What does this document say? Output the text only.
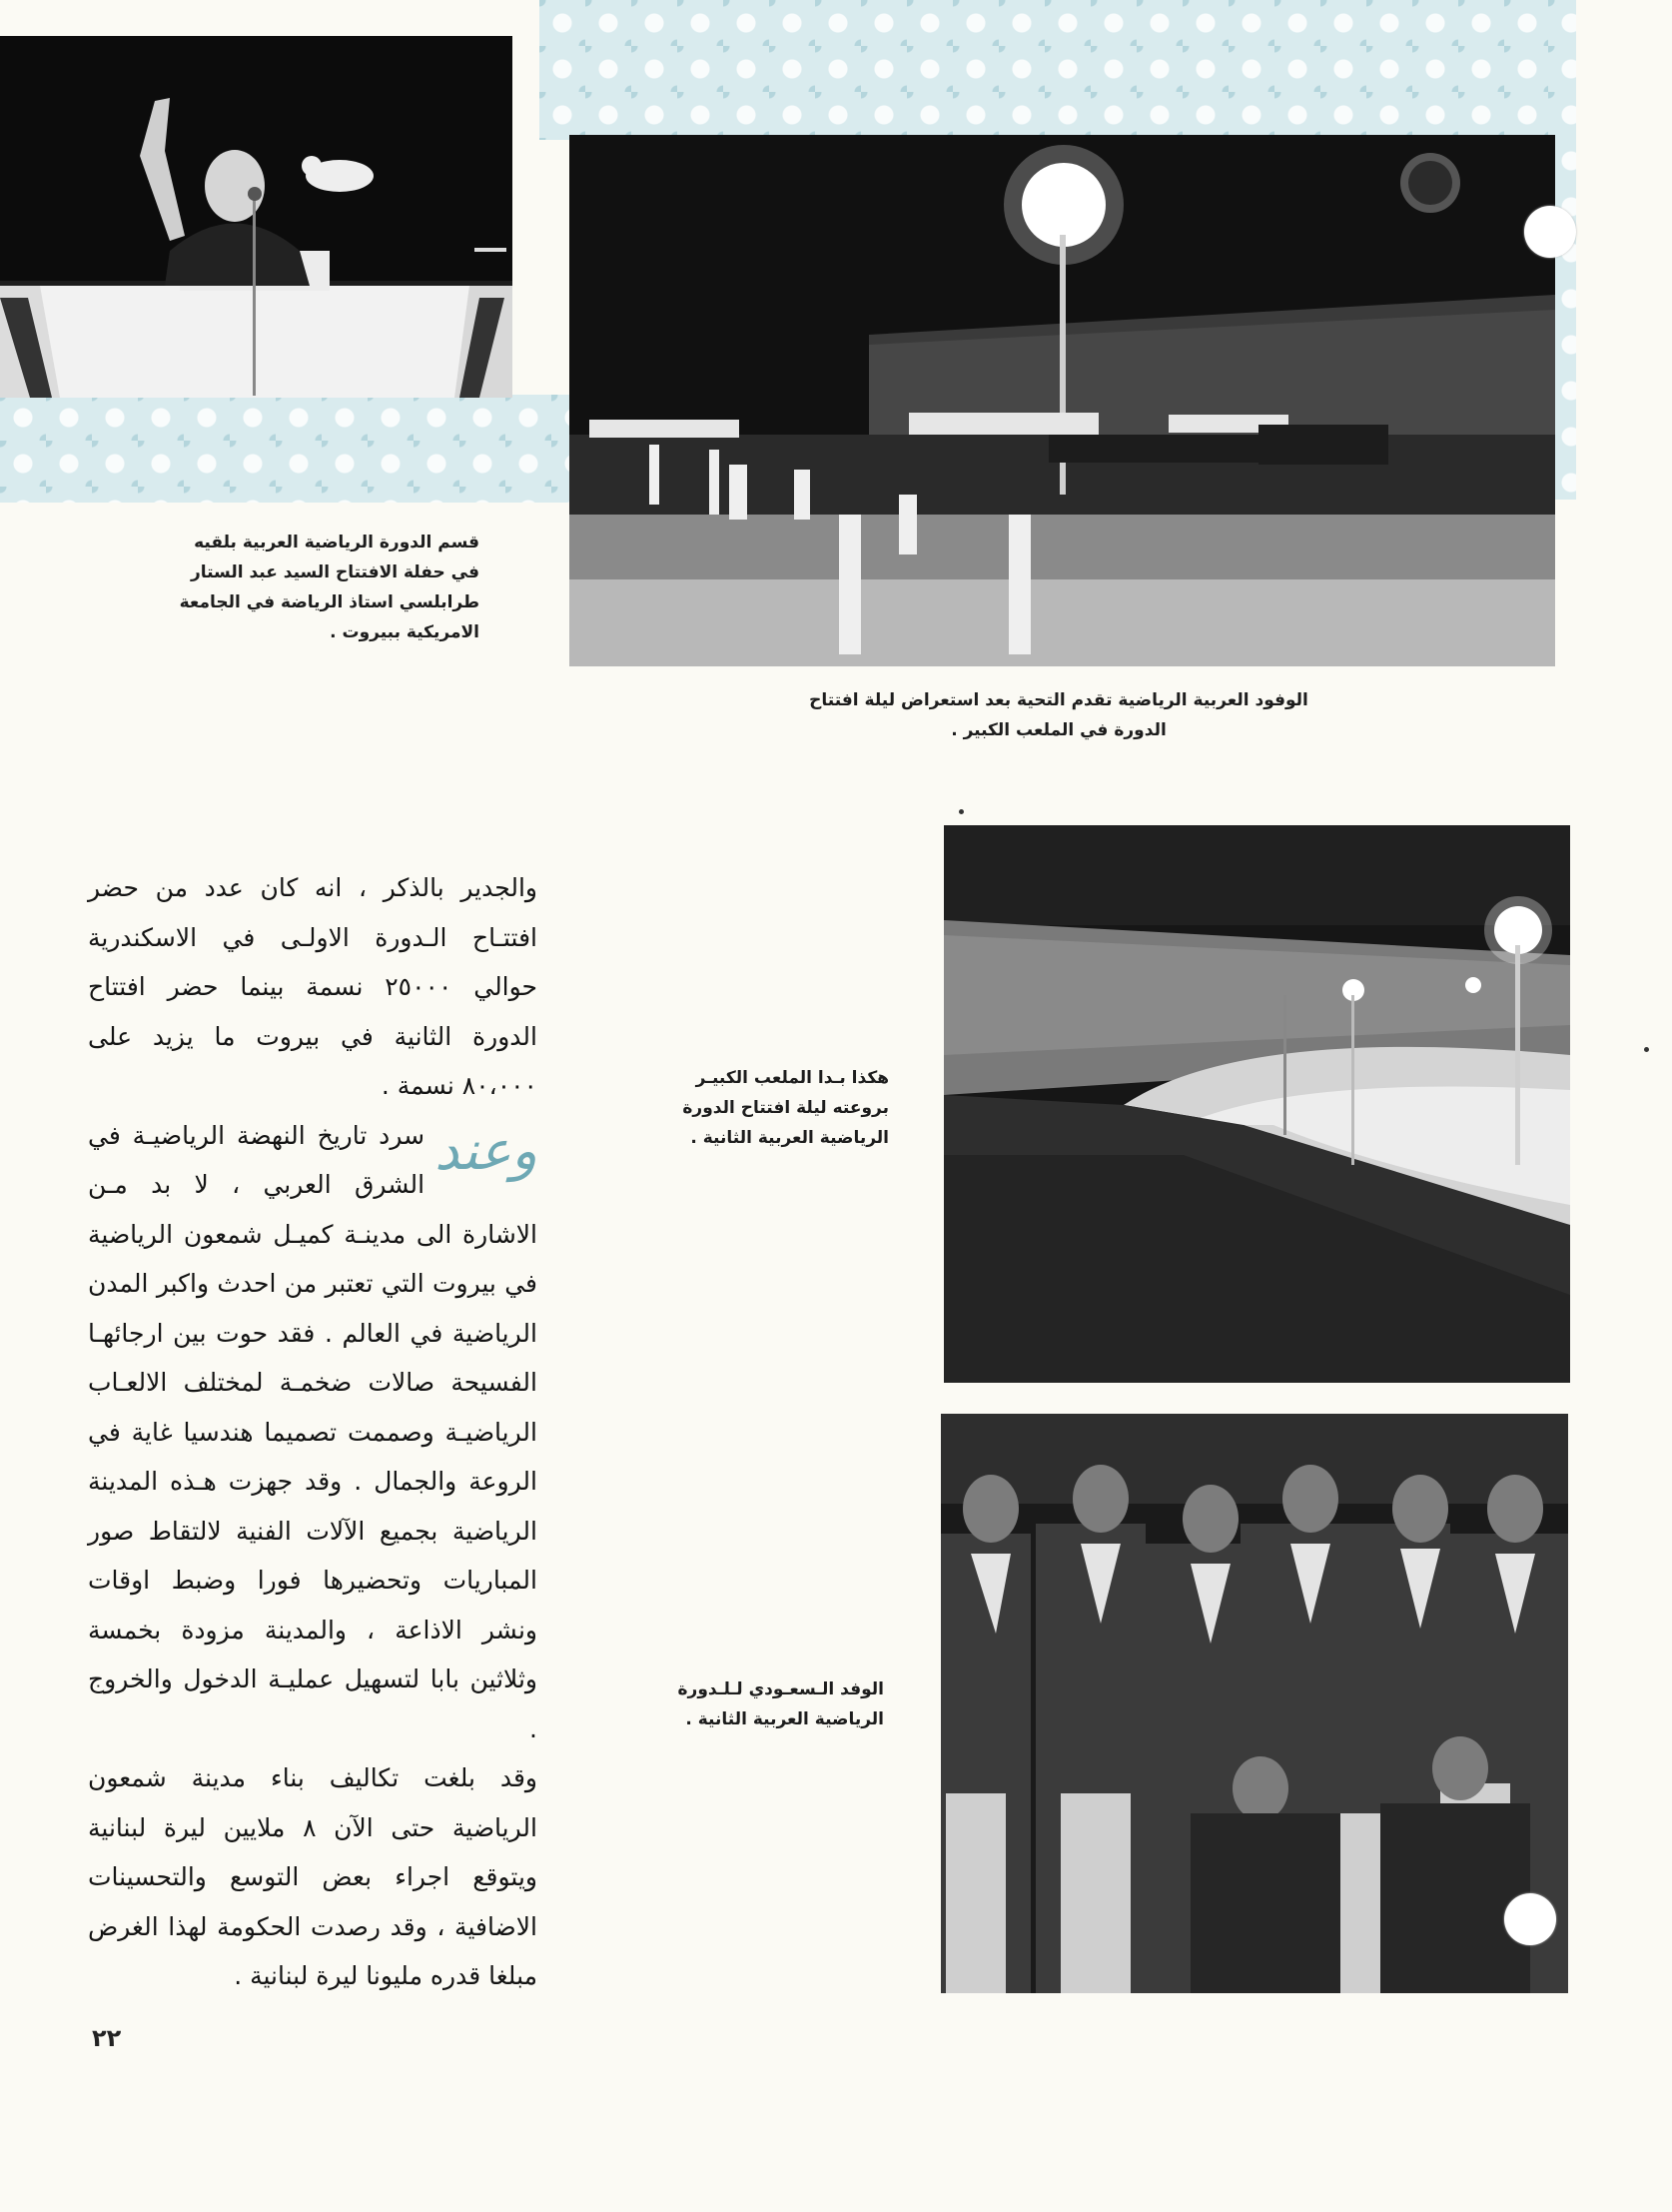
قسم الدورة الرياضية العربية بلقيه
في حفلة الافتتاح السيد عبد الستار
طرابلسي استاذ الرياضة في الجامعة
الامريكية ببيروت .
الوفود العربية الرياضية تقدم التحية بعد استعراض ليلة افتتاح
الدورة في الملعب الكبير .
هكذا بـدا الملعب الكبيـر
بروعته ليلة افتتاح الدورة
الرياضية العربية الثانية .
الوفد الـسعـودي لـلـدورة
الرياضية العربية الثانية .

والجدير بالذكر ، انه كان عدد من حضر افتتـاح الـدورة الاولـى في الاسكندرية حوالي ٢٥٠٠٠ نسمة بينما حضر افتتاح الدورة الثانية في بيروت ما يزيد على ٨٠،٠٠٠ نسمة .

وعند
سرد تاريخ النهضة الرياضيـة في الشرق العربي ، لا بد مـن الاشارة الى مدينـة كميـل شمعون الرياضية في بيروت التي تعتبر من احدث واكبر المدن الرياضية في العالم . فقد حوت بين ارجائهـا الفسيحة صالات ضخمـة لمختلف الالعـاب الرياضيـة وصممت تصميما هندسيا غاية في الروعة والجمال . وقد جهزت هـذه المدينة الرياضية بجميع الآلات الفنية لالتقاط صور المباريات وتحضيرها فورا وضبط اوقات ونشر الاذاعة ، والمدينة مزودة بخمسة وثلاثين بابا لتسهيل عمليـة الدخول والخروج .

وقد بلغت تكاليف بناء مدينة شمعون الرياضية حتى الآن ٨ ملايين ليرة لبنانية ويتوقع اجراء بعض التوسع والتحسينات الاضافية ، وقد رصدت الحكومة لهذا الغرض مبلغا قدره مليونا ليرة لبنانية .

٢٢
